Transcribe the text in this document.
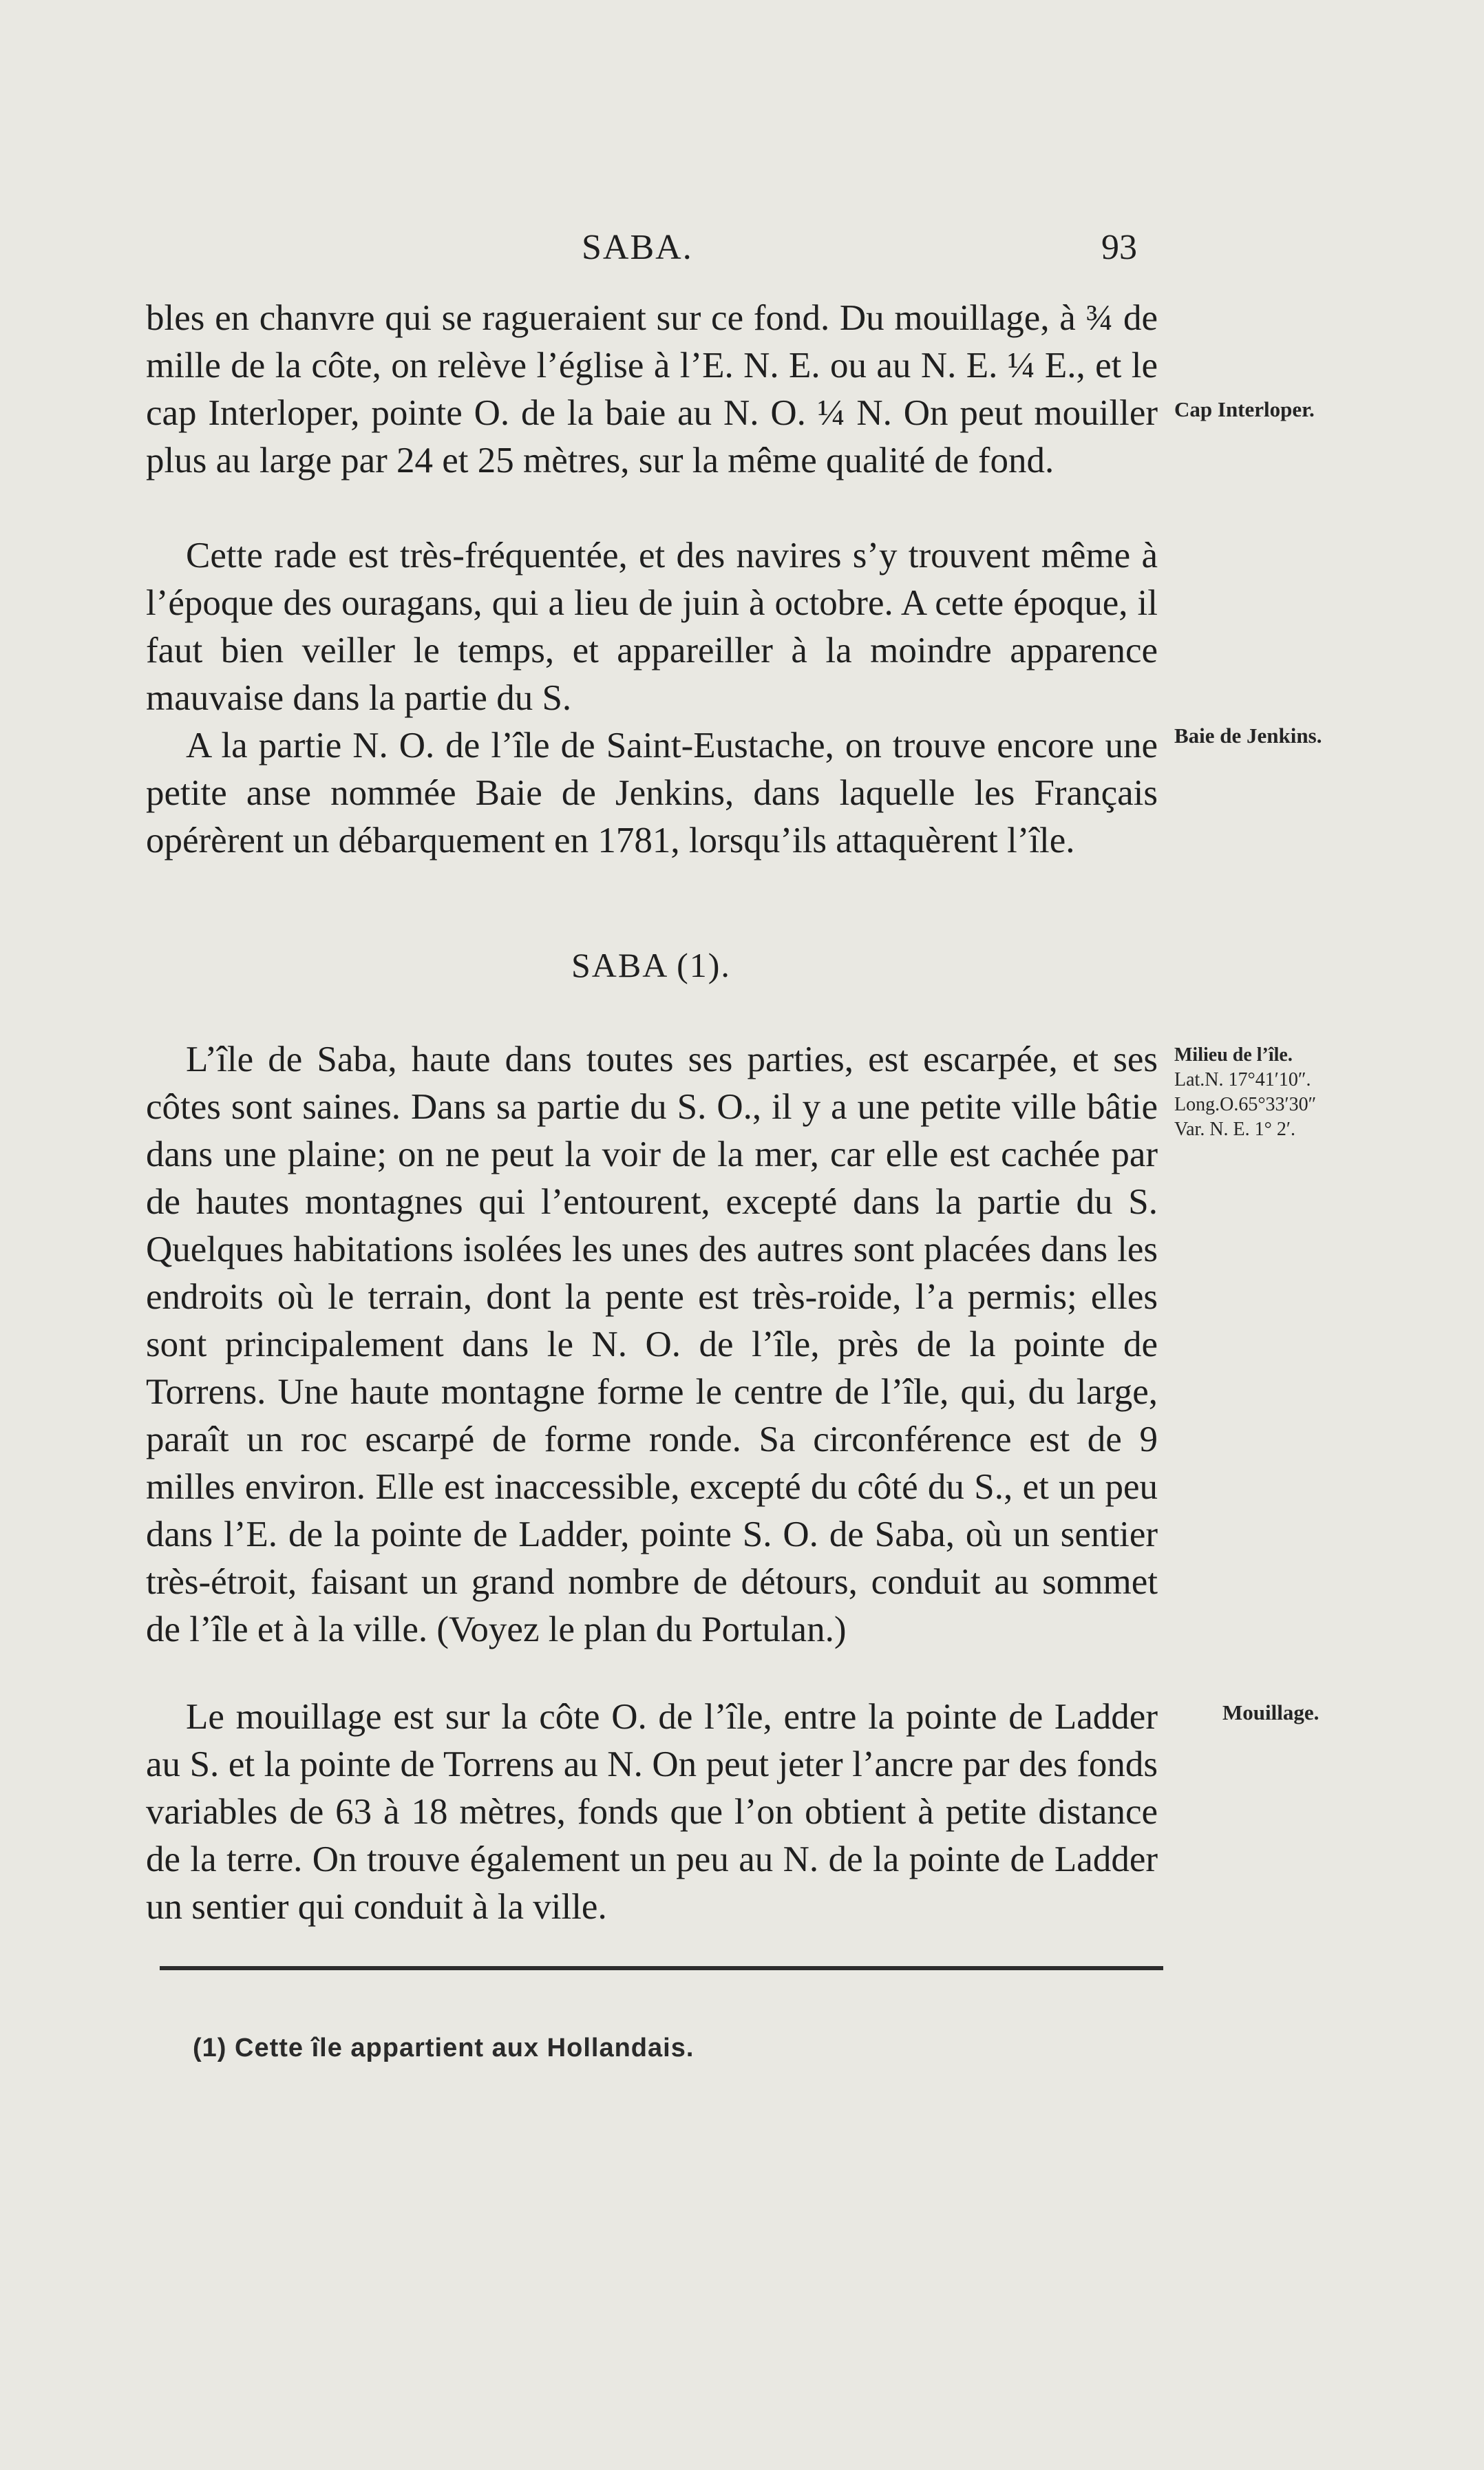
SABA.	93

bles en chanvre qui se ragueraient sur ce fond. Du mouillage, à ¾ de mille de la côte, on relève l’église à l’E. N. E. ou au N. E. ¼ E., et le cap Interloper, pointe O. de la baie au N. O. ¼ N. On peut mouiller plus au large par 24 et 25 mètres, sur la même qualité de fond.

Cette rade est très-fréquentée, et des navires s’y trouvent même à l’époque des ouragans, qui a lieu de juin à octobre. A cette époque, il faut bien veiller le temps, et appareiller à la moindre apparence mauvaise dans la partie du S.

A la partie N. O. de l’île de Saint-Eustache, on trouve encore une petite anse nommée Baie de Jenkins, dans laquelle les Français opérèrent un débarquement en 1781, lorsqu’ils attaquèrent l’île.

SABA (1).

L’île de Saba, haute dans toutes ses parties, est escarpée, et ses côtes sont saines. Dans sa partie du S. O., il y a une petite ville bâtie dans une plaine; on ne peut la voir de la mer, car elle est cachée par de hautes montagnes qui l’entourent, excepté dans la partie du S. Quelques habitations isolées les unes des autres sont placées dans les endroits où le terrain, dont la pente est très-roide, l’a permis; elles sont principalement dans le N. O. de l’île, près de la pointe de Torrens. Une haute montagne forme le centre de l’île, qui, du large, paraît un roc escarpé de forme ronde. Sa circonférence est de 9 milles environ. Elle est inaccessible, excepté du côté du S., et un peu dans l’E. de la pointe de Ladder, pointe S. O. de Saba, où un sentier très-étroit, faisant un grand nombre de détours, conduit au sommet de l’île et à la ville. (Voyez le plan du Portulan.)

Le mouillage est sur la côte O. de l’île, entre la pointe de Ladder au S. et la pointe de Torrens au N. On peut jeter l’ancre par des fonds variables de 63 à 18 mètres, fonds que l’on obtient à petite distance de la terre. On trouve également un peu au N. de la pointe de Ladder un sentier qui conduit à la ville.

Cap Interloper.
Baie de Jenkins.
Milieu de l’île.
Lat.N. 17°41′10″.
Long.O.65°33′30″
Var. N. E. 1° 2′.
Mouillage.
(1) Cette île appartient aux Hollandais.
